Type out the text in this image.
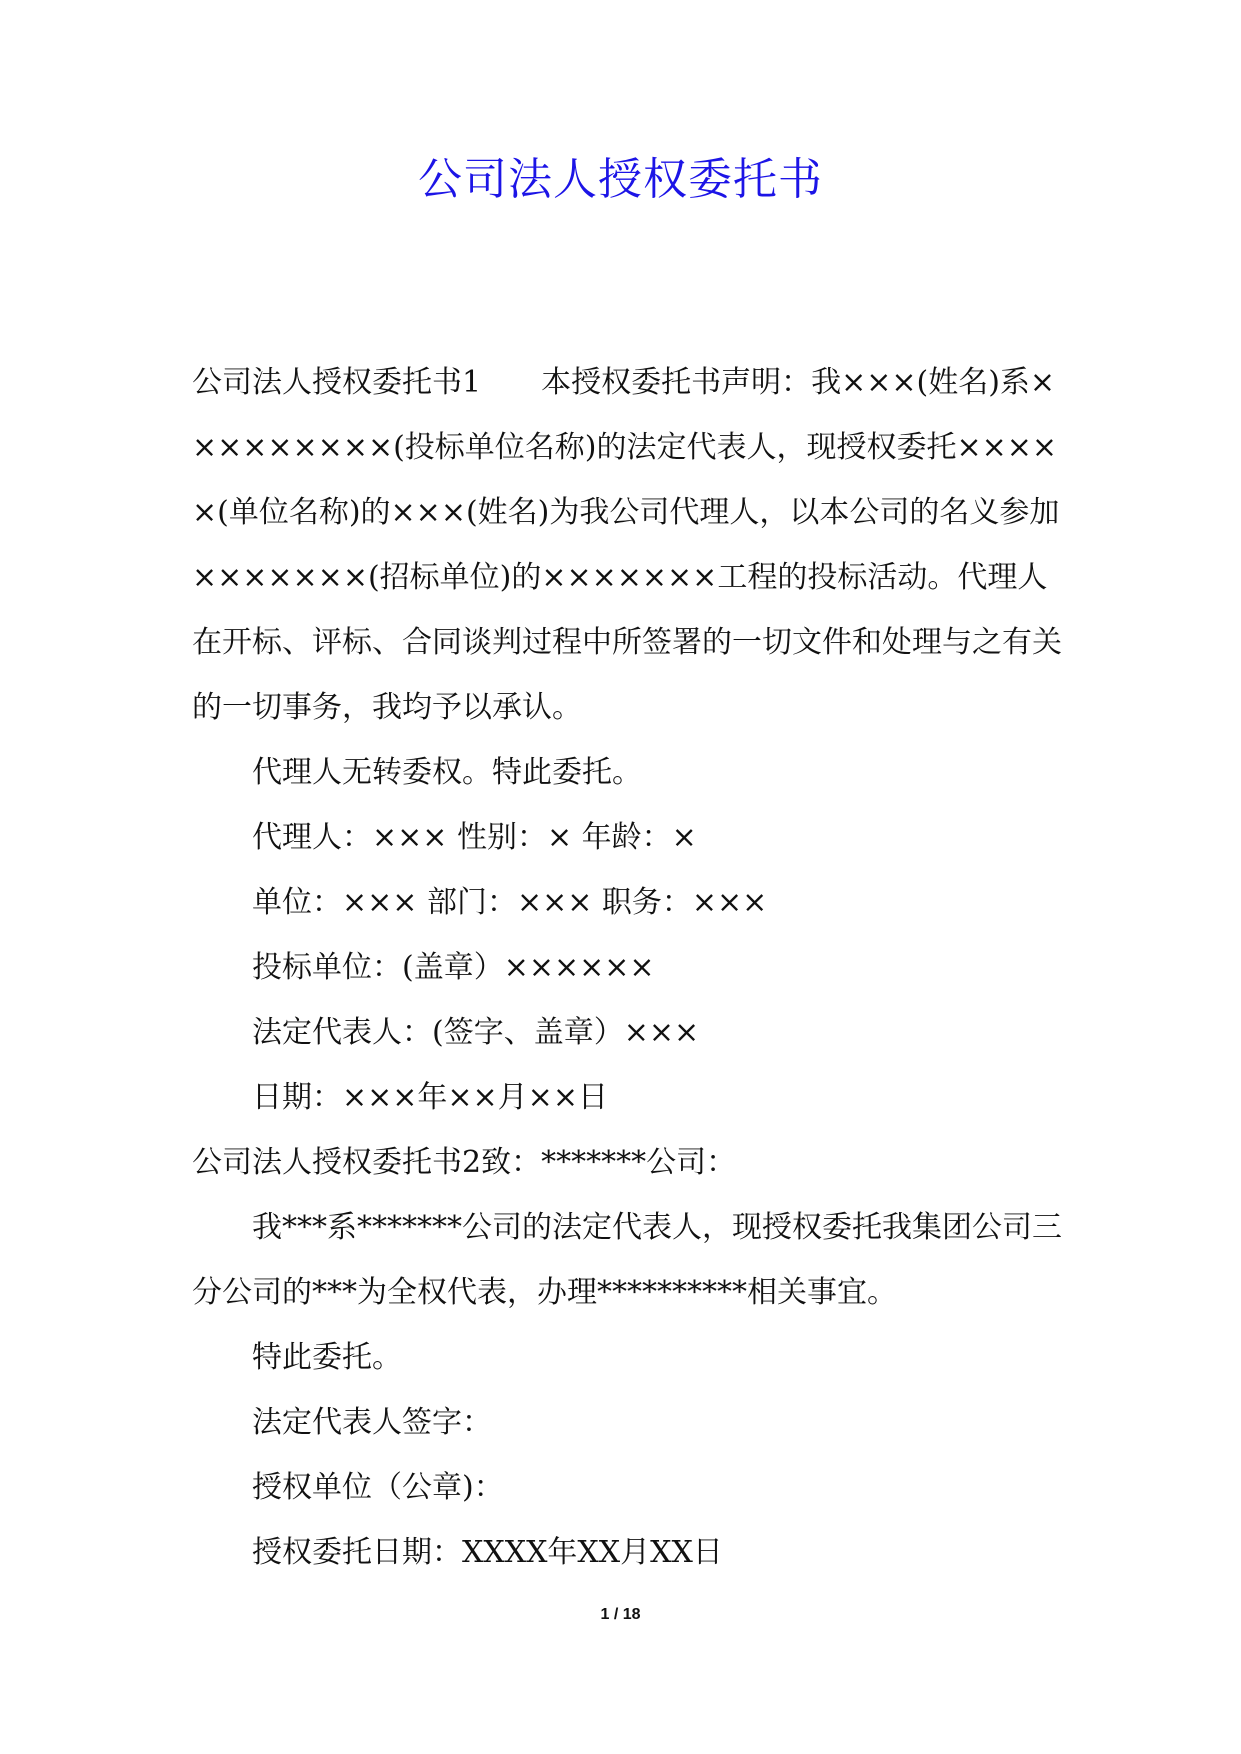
公司法人授权委托书

公司法人授权委托书1　　本授权委托书声明：我×××(姓名)系×××××××××(投标单位名称)的法定代表人，现授权委托×××××(单位名称)的×××(姓名)为我公司代理人，以本公司的名义参加×××××××(招标单位)的×××××××工程的投标活动。代理人在开标、评标、合同谈判过程中所签署的一切文件和处理与之有关的一切事务，我均予以承认。

代理人无转委权。特此委托。

代理人：××× 性别：× 年龄：×

单位：××× 部门：××× 职务：×××

投标单位：(盖章）××××××

法定代表人：(签字、盖章）×××

日期：×××年××月××日

公司法人授权委托书2致：*******公司：

我***系*******公司的法定代表人，现授权委托我集团公司三分公司的***为全权代表，办理**********相关事宜。

特此委托。

法定代表人签字：

授权单位（公章)：

授权委托日期：XXXX年XX月XX日

1 / 18
